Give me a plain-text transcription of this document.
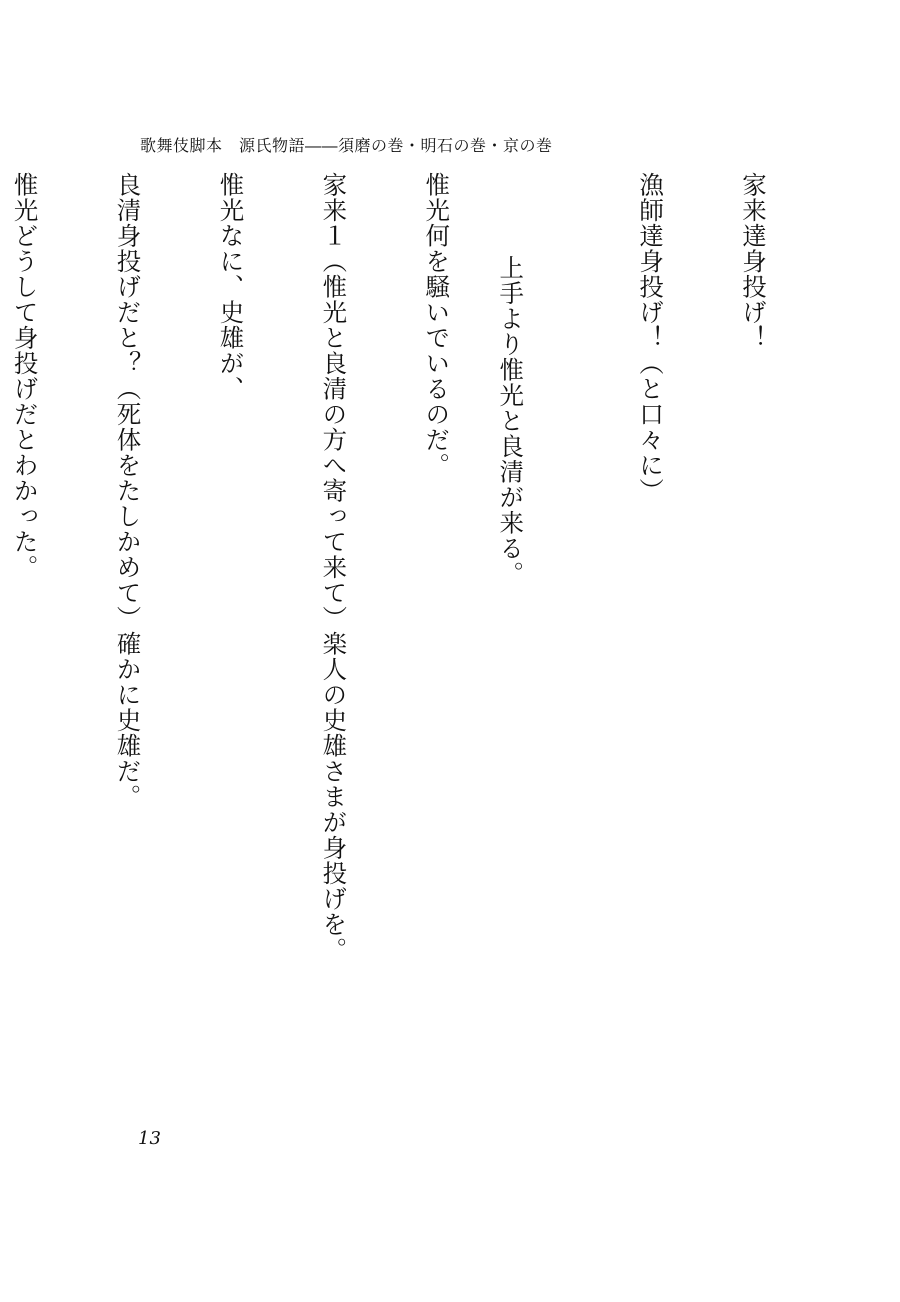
歌舞伎脚本　源氏物語――須磨の巻・明石の巻・京の巻
家来達身投げ！
漁師達身投げ！（と口々に）
上手より惟光と良清が来る。
惟光何を騒いでいるのだ。
家来１（惟光と良清の方へ寄って来て）楽人の史雄さまが身投げを。
惟光なに、史雄が、
良清身投げだと？（死体をたしかめて）確かに史雄だ。
惟光どうして身投げだとわかった。
13
